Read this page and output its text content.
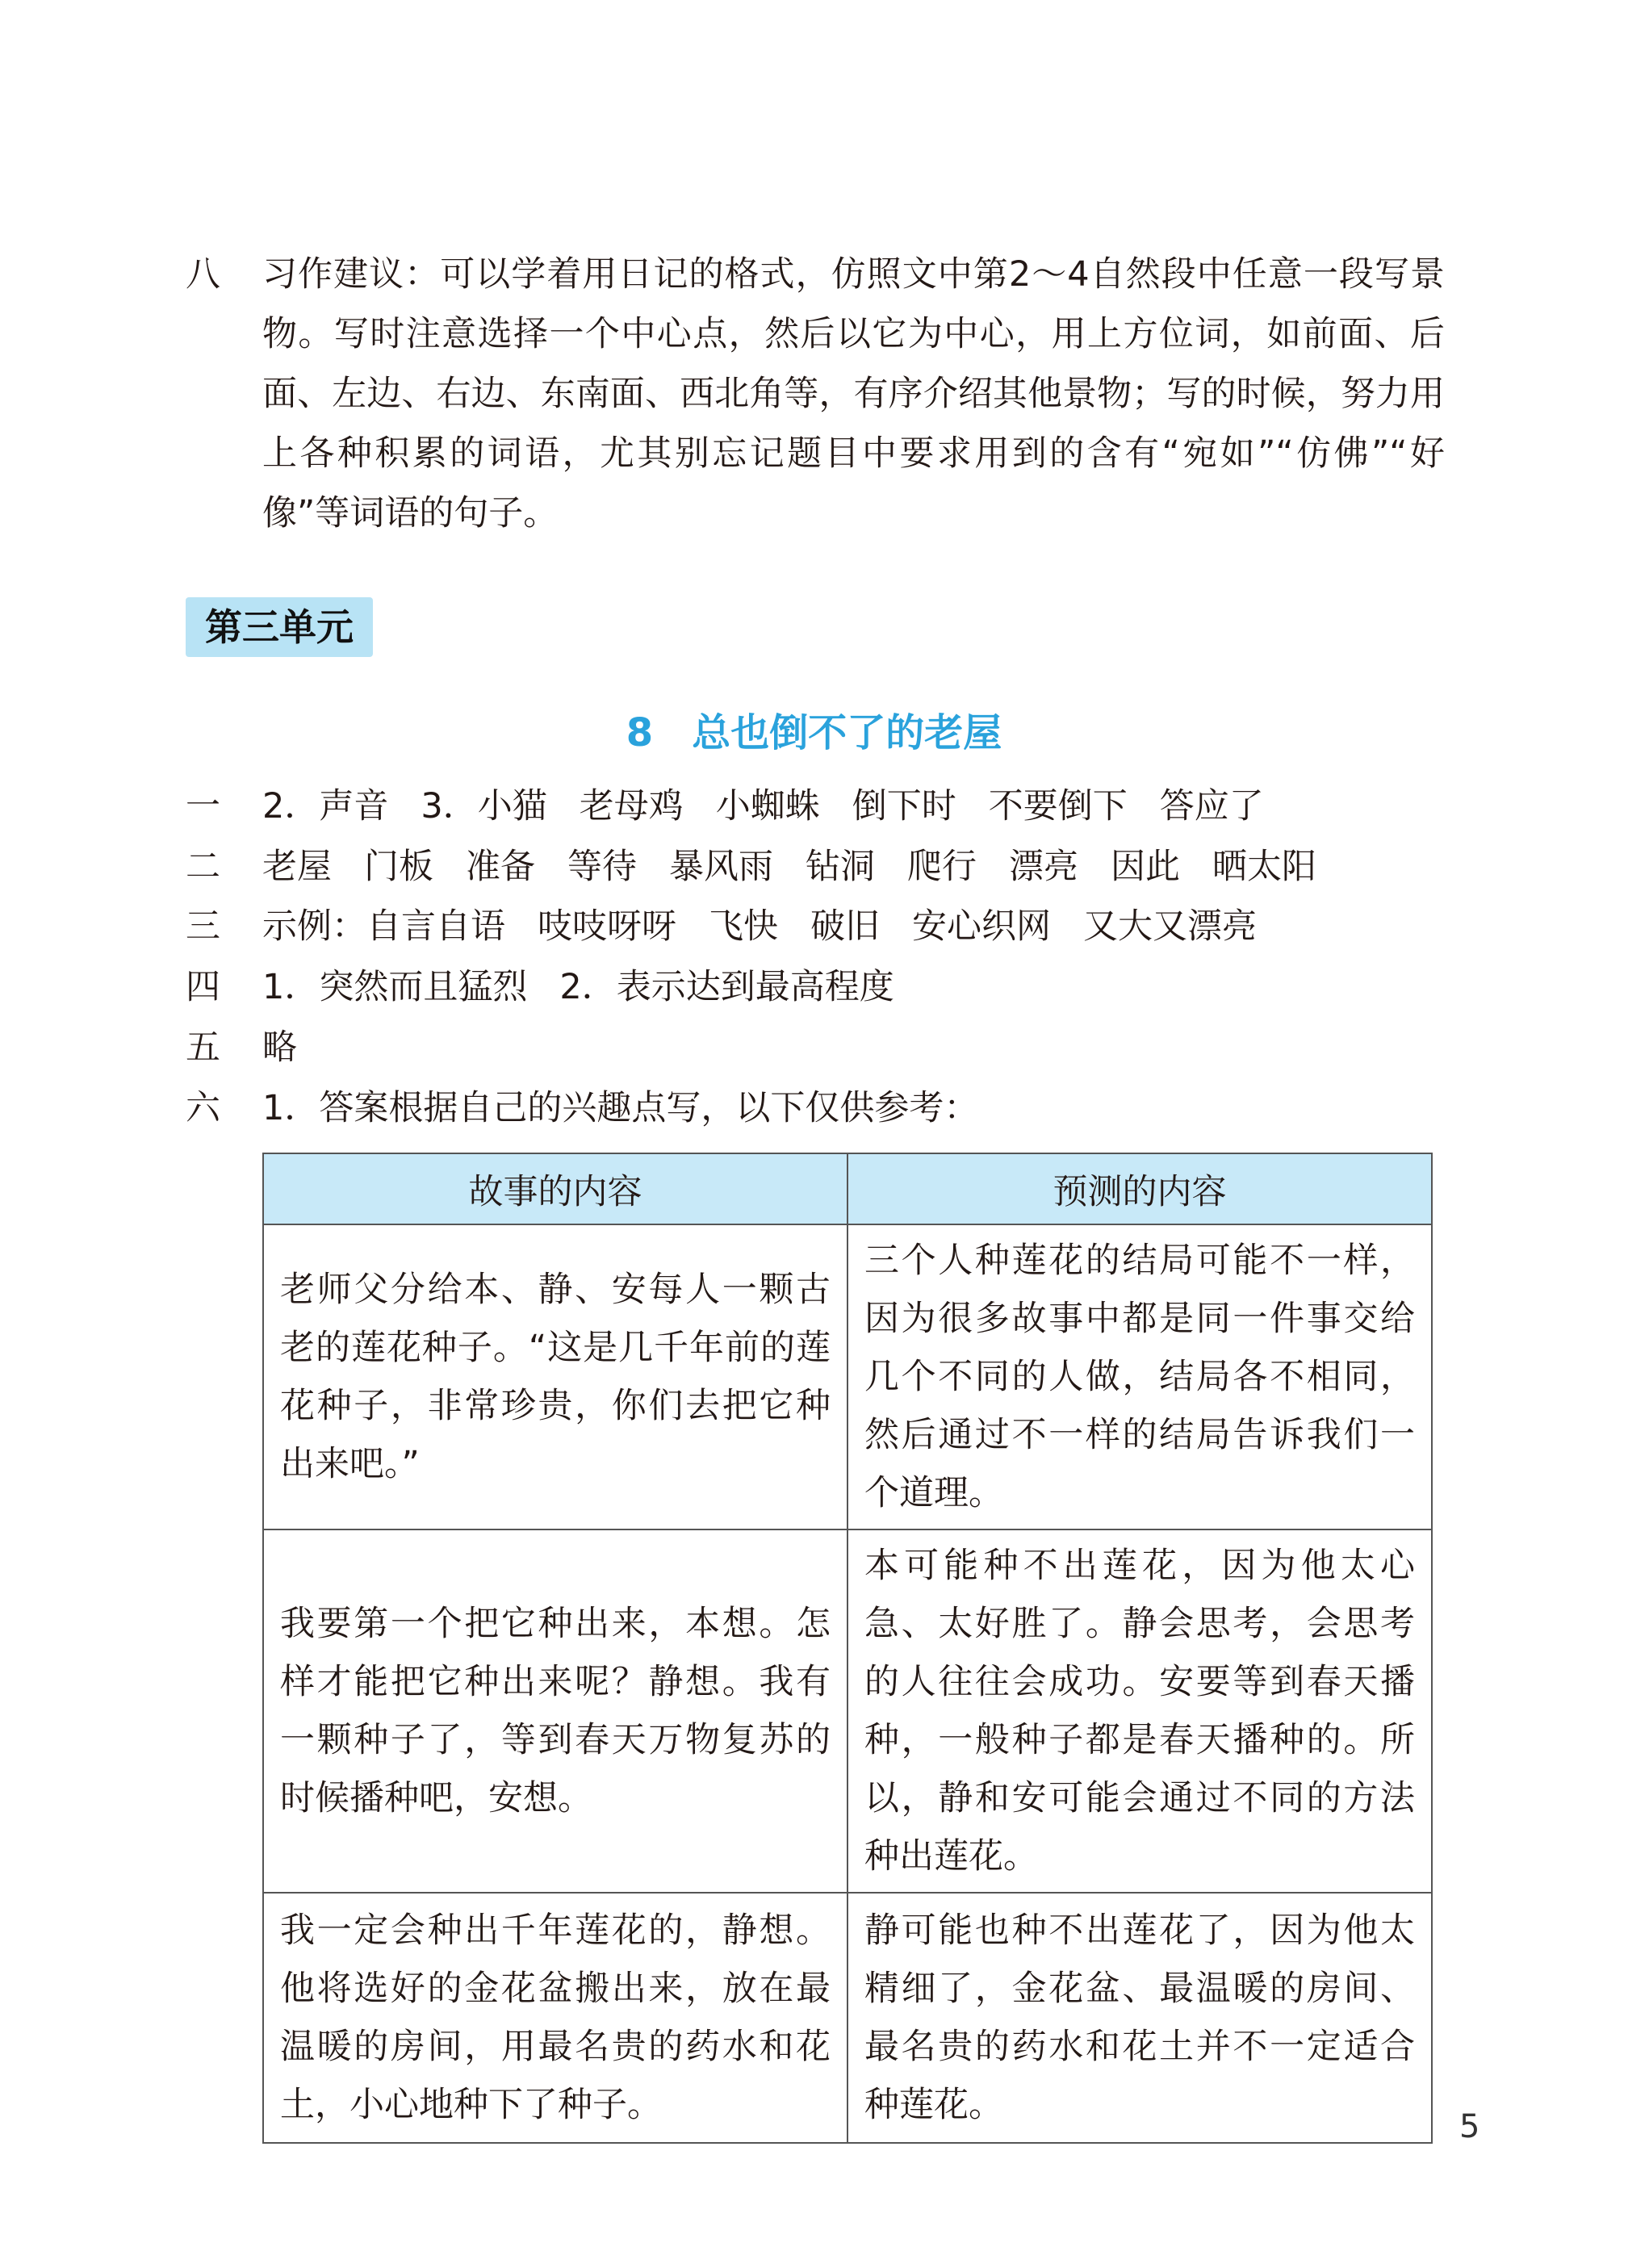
八 习作建议：可以学着用日记的格式，仿照文中第2～4自然段中任意一段写景物。写时注意选择一个中心点，然后以它为中心，用上方位词，如前面、后面、左边、右边、东南面、西北角等，有序介绍其他景物；写的时候，努力用上各种积累的词语，尤其别忘记题目中要求用到的含有“宛如”“仿佛”“好像”等词语的句子。
第三单元
8 总也倒不了的老屋
一 2．声音 3．小猫 老母鸡 小蜘蛛 倒下时 不要倒下 答应了
二 老屋 门板 准备 等待 暴风雨 钻洞 爬行 漂亮 因此 晒太阳
三 示例：自言自语 吱吱呀呀 飞快 破旧 安心织网 又大又漂亮
四 1．突然而且猛烈 2．表示达到最高程度
五 略
六 1．答案根据自己的兴趣点写，以下仅供参考：
故事的内容	预测的内容
老师父分给本、静、安每人一颗古老的莲花种子。“这是几千年前的莲花种子，非常珍贵，你们去把它种出来吧。”	三个人种莲花的结局可能不一样，因为很多故事中都是同一件事交给几个不同的人做，结局各不相同，然后通过不一样的结局告诉我们一个道理。
我要第一个把它种出来，本想。怎样才能把它种出来呢？静想。我有一颗种子了，等到春天万物复苏的时候播种吧，安想。	本可能种不出莲花，因为他太心急、太好胜了。静会思考，会思考的人往往会成功。安要等到春天播种，一般种子都是春天播种的。所以，静和安可能会通过不同的方法种出莲花。
我一定会种出千年莲花的，静想。他将选好的金花盆搬出来，放在最温暖的房间，用最名贵的药水和花土，小心地种下了种子。	静可能也种不出莲花了，因为他太精细了，金花盆、最温暖的房间、最名贵的药水和花土并不一定适合种莲花。
5
